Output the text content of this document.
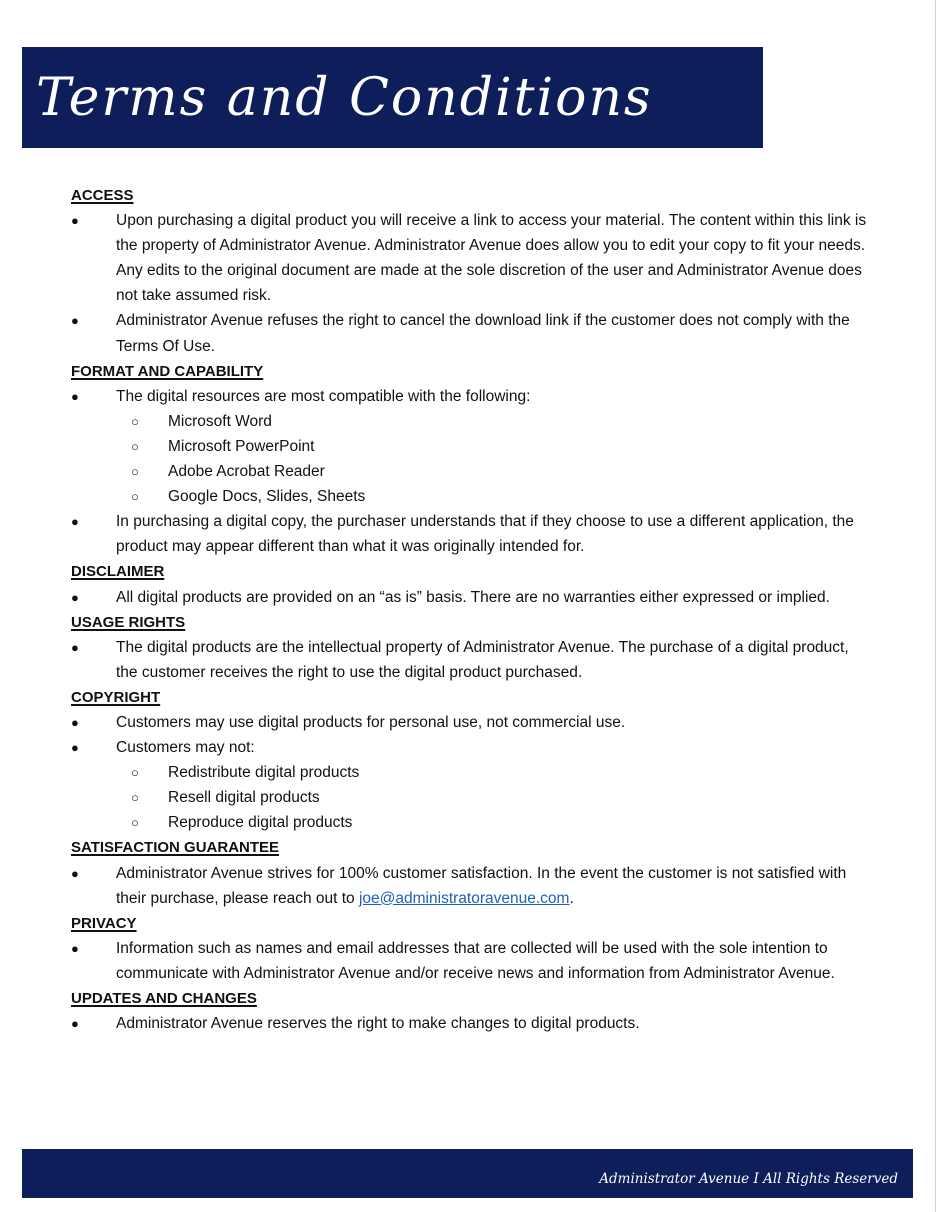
Terms and Conditions
ACCESS
● Upon purchasing a digital product you will receive a link to access your material. The content within this link is the property of Administrator Avenue. Administrator Avenue does allow you to edit your copy to fit your needs. Any edits to the original document are made at the sole discretion of the user and Administrator Avenue does not take assumed risk.
● Administrator Avenue refuses the right to cancel the download link if the customer does not comply with the Terms Of Use.
FORMAT AND CAPABILITY
● The digital resources are most compatible with the following:
○ Microsoft Word
○ Microsoft PowerPoint
○ Adobe Acrobat Reader
○ Google Docs, Slides, Sheets
● In purchasing a digital copy, the purchaser understands that if they choose to use a different application, the product may appear different than what it was originally intended for.
DISCLAIMER
● All digital products are provided on an “as is” basis. There are no warranties either expressed or implied.
USAGE RIGHTS
● The digital products are the intellectual property of Administrator Avenue. The purchase of a digital product, the customer receives the right to use the digital product purchased.
COPYRIGHT
● Customers may use digital products for personal use, not commercial use.
● Customers may not:
○ Redistribute digital products
○ Resell digital products
○ Reproduce digital products
SATISFACTION GUARANTEE
● Administrator Avenue strives for 100% customer satisfaction. In the event the customer is not satisfied with their purchase, please reach out to joe@administratoravenue.com.
PRIVACY
● Information such as names and email addresses that are collected will be used with the sole intention to communicate with Administrator Avenue and/or receive news and information from Administrator Avenue.
UPDATES AND CHANGES
● Administrator Avenue reserves the right to make changes to digital products.
Administrator Avenue I All Rights Reserved
